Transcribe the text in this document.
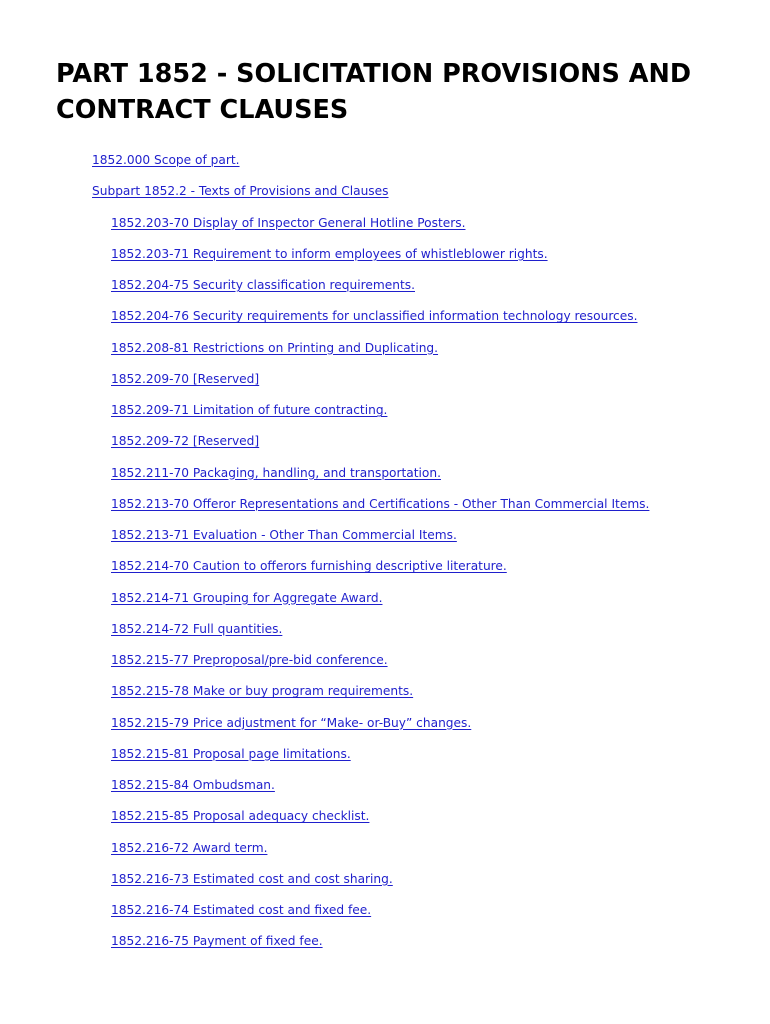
PART 1852 - SOLICITATION PROVISIONS AND CONTRACT CLAUSES
1852.000 Scope of part.
Subpart 1852.2 - Texts of Provisions and Clauses
1852.203-70 Display of Inspector General Hotline Posters.
1852.203-71 Requirement to inform employees of whistleblower rights.
1852.204-75 Security classification requirements.
1852.204-76 Security requirements for unclassified information technology resources.
1852.208-81 Restrictions on Printing and Duplicating.
1852.209-70 [Reserved]
1852.209-71 Limitation of future contracting.
1852.209-72 [Reserved]
1852.211-70 Packaging, handling, and transportation.
1852.213-70 Offeror Representations and Certifications - Other Than Commercial Items.
1852.213-71 Evaluation - Other Than Commercial Items.
1852.214-70 Caution to offerors furnishing descriptive literature.
1852.214-71 Grouping for Aggregate Award.
1852.214-72 Full quantities.
1852.215-77 Preproposal/pre-bid conference.
1852.215-78 Make or buy program requirements.
1852.215-79 Price adjustment for “Make- or-Buy” changes.
1852.215-81 Proposal page limitations.
1852.215-84 Ombudsman.
1852.215-85 Proposal adequacy checklist.
1852.216-72 Award term.
1852.216-73 Estimated cost and cost sharing.
1852.216-74 Estimated cost and fixed fee.
1852.216-75 Payment of fixed fee.
